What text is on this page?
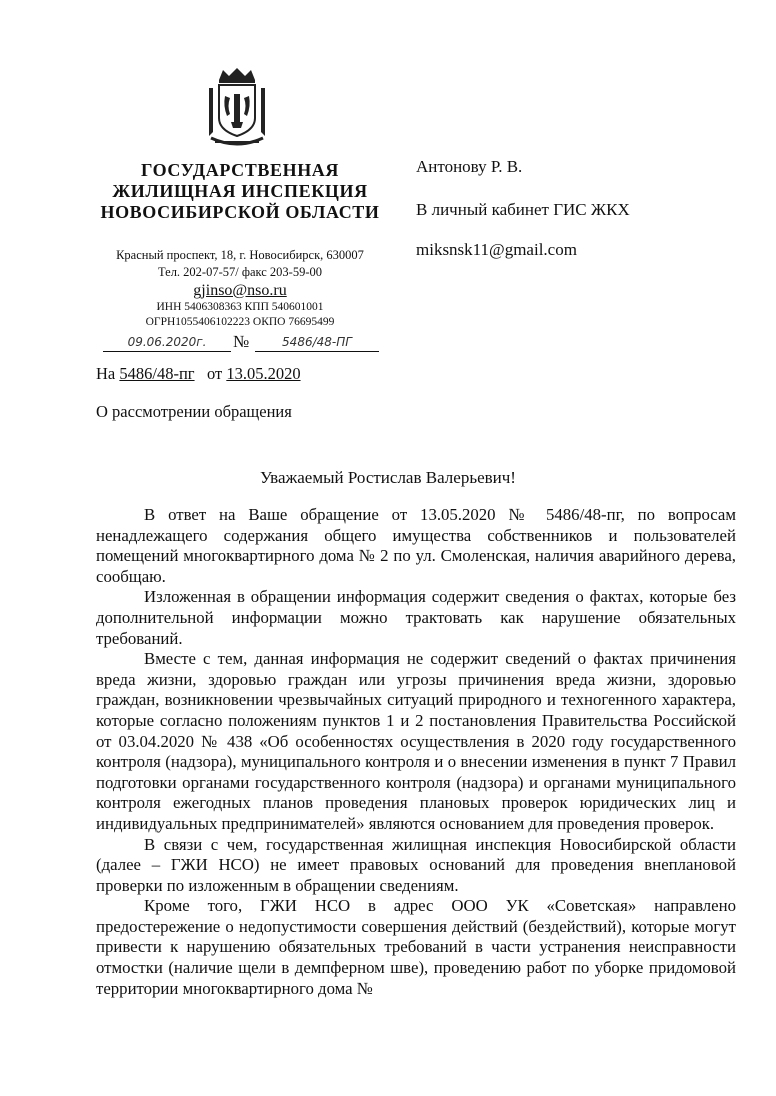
ГОСУДАРСТВЕННАЯ
ЖИЛИЩНАЯ ИНСПЕКЦИЯ
НОВОСИБИРСКОЙ ОБЛАСТИ
Красный проспект, 18, г. Новосибирск, 630007
Тел. 202-07-57/ факс 203-59-00
gjinso@nso.ru
ИНН 5406308363 КПП 540601001
ОГРН1055406102223 ОКПО 76695499
09.06.2020г.	№	5486/48-ПГ
На 5486/48-пг   от 13.05.2020
О рассмотрении обращения
Антонову Р. В.
В личный кабинет ГИС ЖКХ
miksnsk11@gmail.com
Уважаемый Ростислав Валерьевич!

В ответ на Ваше обращение от 13.05.2020 № 5486/48-пг, по вопросам ненадлежащего содержания общего имущества собственников и пользователей помещений многоквартирного дома № 2 по ул. Смоленская, наличия аварийного дерева, сообщаю.

Изложенная в обращении информация содержит сведения о фактах, которые без дополнительной информации можно трактовать как нарушение обязательных требований.

Вместе с тем, данная информация не содержит сведений о фактах причинения вреда жизни, здоровью граждан или угрозы причинения вреда жизни, здоровью граждан, возникновении чрезвычайных ситуаций природного и техногенного характера, которые согласно положениям пунктов 1 и 2 постановления Правительства Российской от 03.04.2020 № 438 «Об особенностях осуществления в 2020 году государственного контроля (надзора), муниципального контроля и о внесении изменения в пункт 7 Правил подготовки органами государственного контроля (надзора) и органами муниципального контроля ежегодных планов проведения плановых проверок юридических лиц и индивидуальных предпринимателей» являются основанием для проведения проверок.

В связи с чем, государственная жилищная инспекция Новосибирской области (далее – ГЖИ НСО) не имеет правовых оснований для проведения внеплановой проверки по изложенным в обращении сведениям.

Кроме того, ГЖИ НСО в адрес ООО УК «Советская» направлено предостережение о недопустимости совершения действий (бездействий), которые могут привести к нарушению обязательных требований в части устранения неисправности отмостки (наличие щели в демпферном шве), проведению работ по уборке придомовой территории многоквартирного дома №
